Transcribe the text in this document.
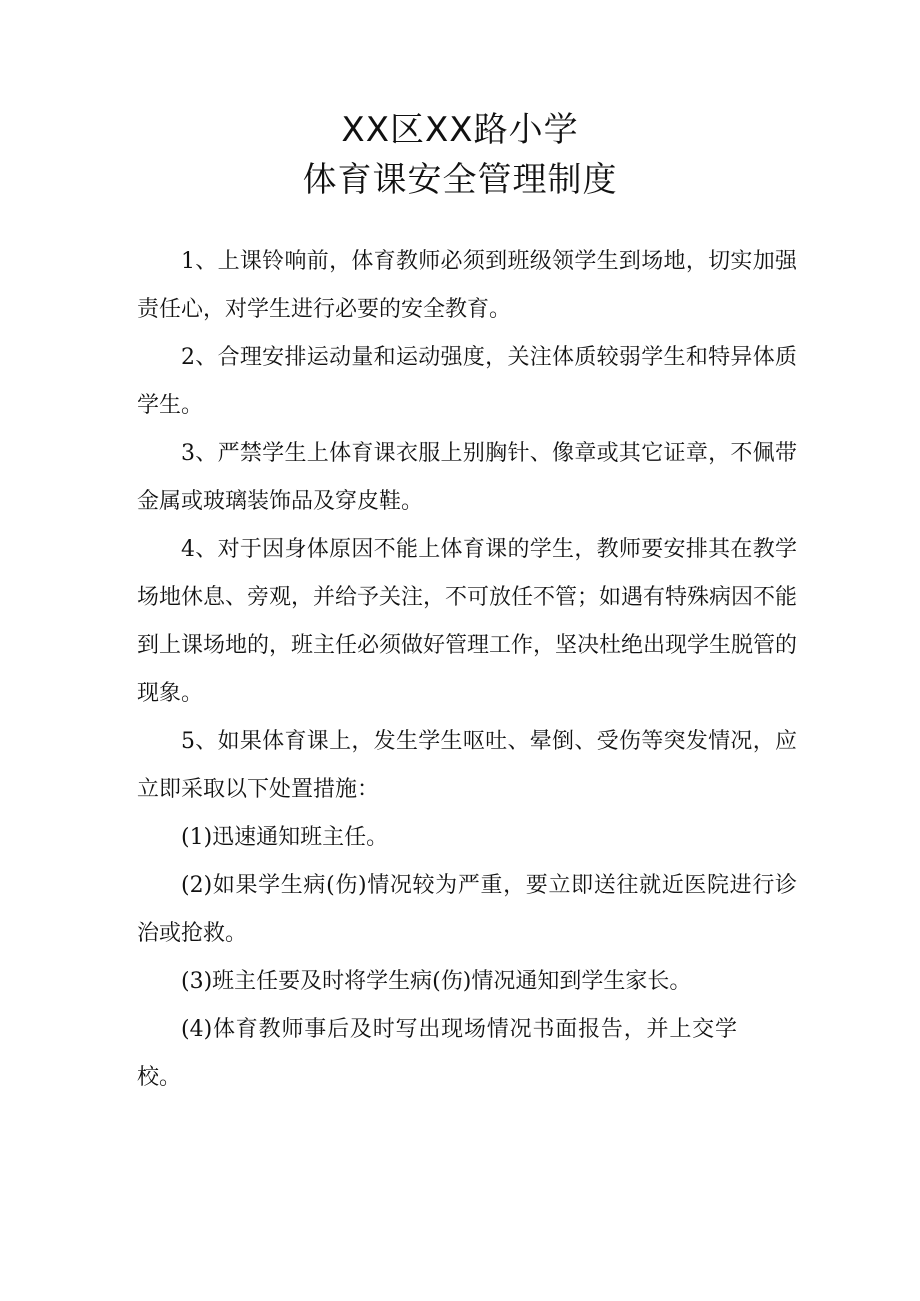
XX区XX路小学
体育课安全管理制度

1、上课铃响前，体育教师必须到班级领学生到场地，切实加强责任心，对学生进行必要的安全教育。

2、合理安排运动量和运动强度，关注体质较弱学生和特异体质学生。

3、严禁学生上体育课衣服上别胸针、像章或其它证章，不佩带金属或玻璃装饰品及穿皮鞋。

4、对于因身体原因不能上体育课的学生，教师要安排其在教学场地休息、旁观，并给予关注，不可放任不管；如遇有特殊病因不能到上课场地的，班主任必须做好管理工作，坚决杜绝出现学生脱管的现象。

5、如果体育课上，发生学生呕吐、晕倒、受伤等突发情况，应立即采取以下处置措施：

(1)迅速通知班主任。

(2)如果学生病(伤)情况较为严重，要立即送往就近医院进行诊治或抢救。

(3)班主任要及时将学生病(伤)情况通知到学生家长。

(4)体育教师事后及时写出现场情况书面报告，并上交学校。
